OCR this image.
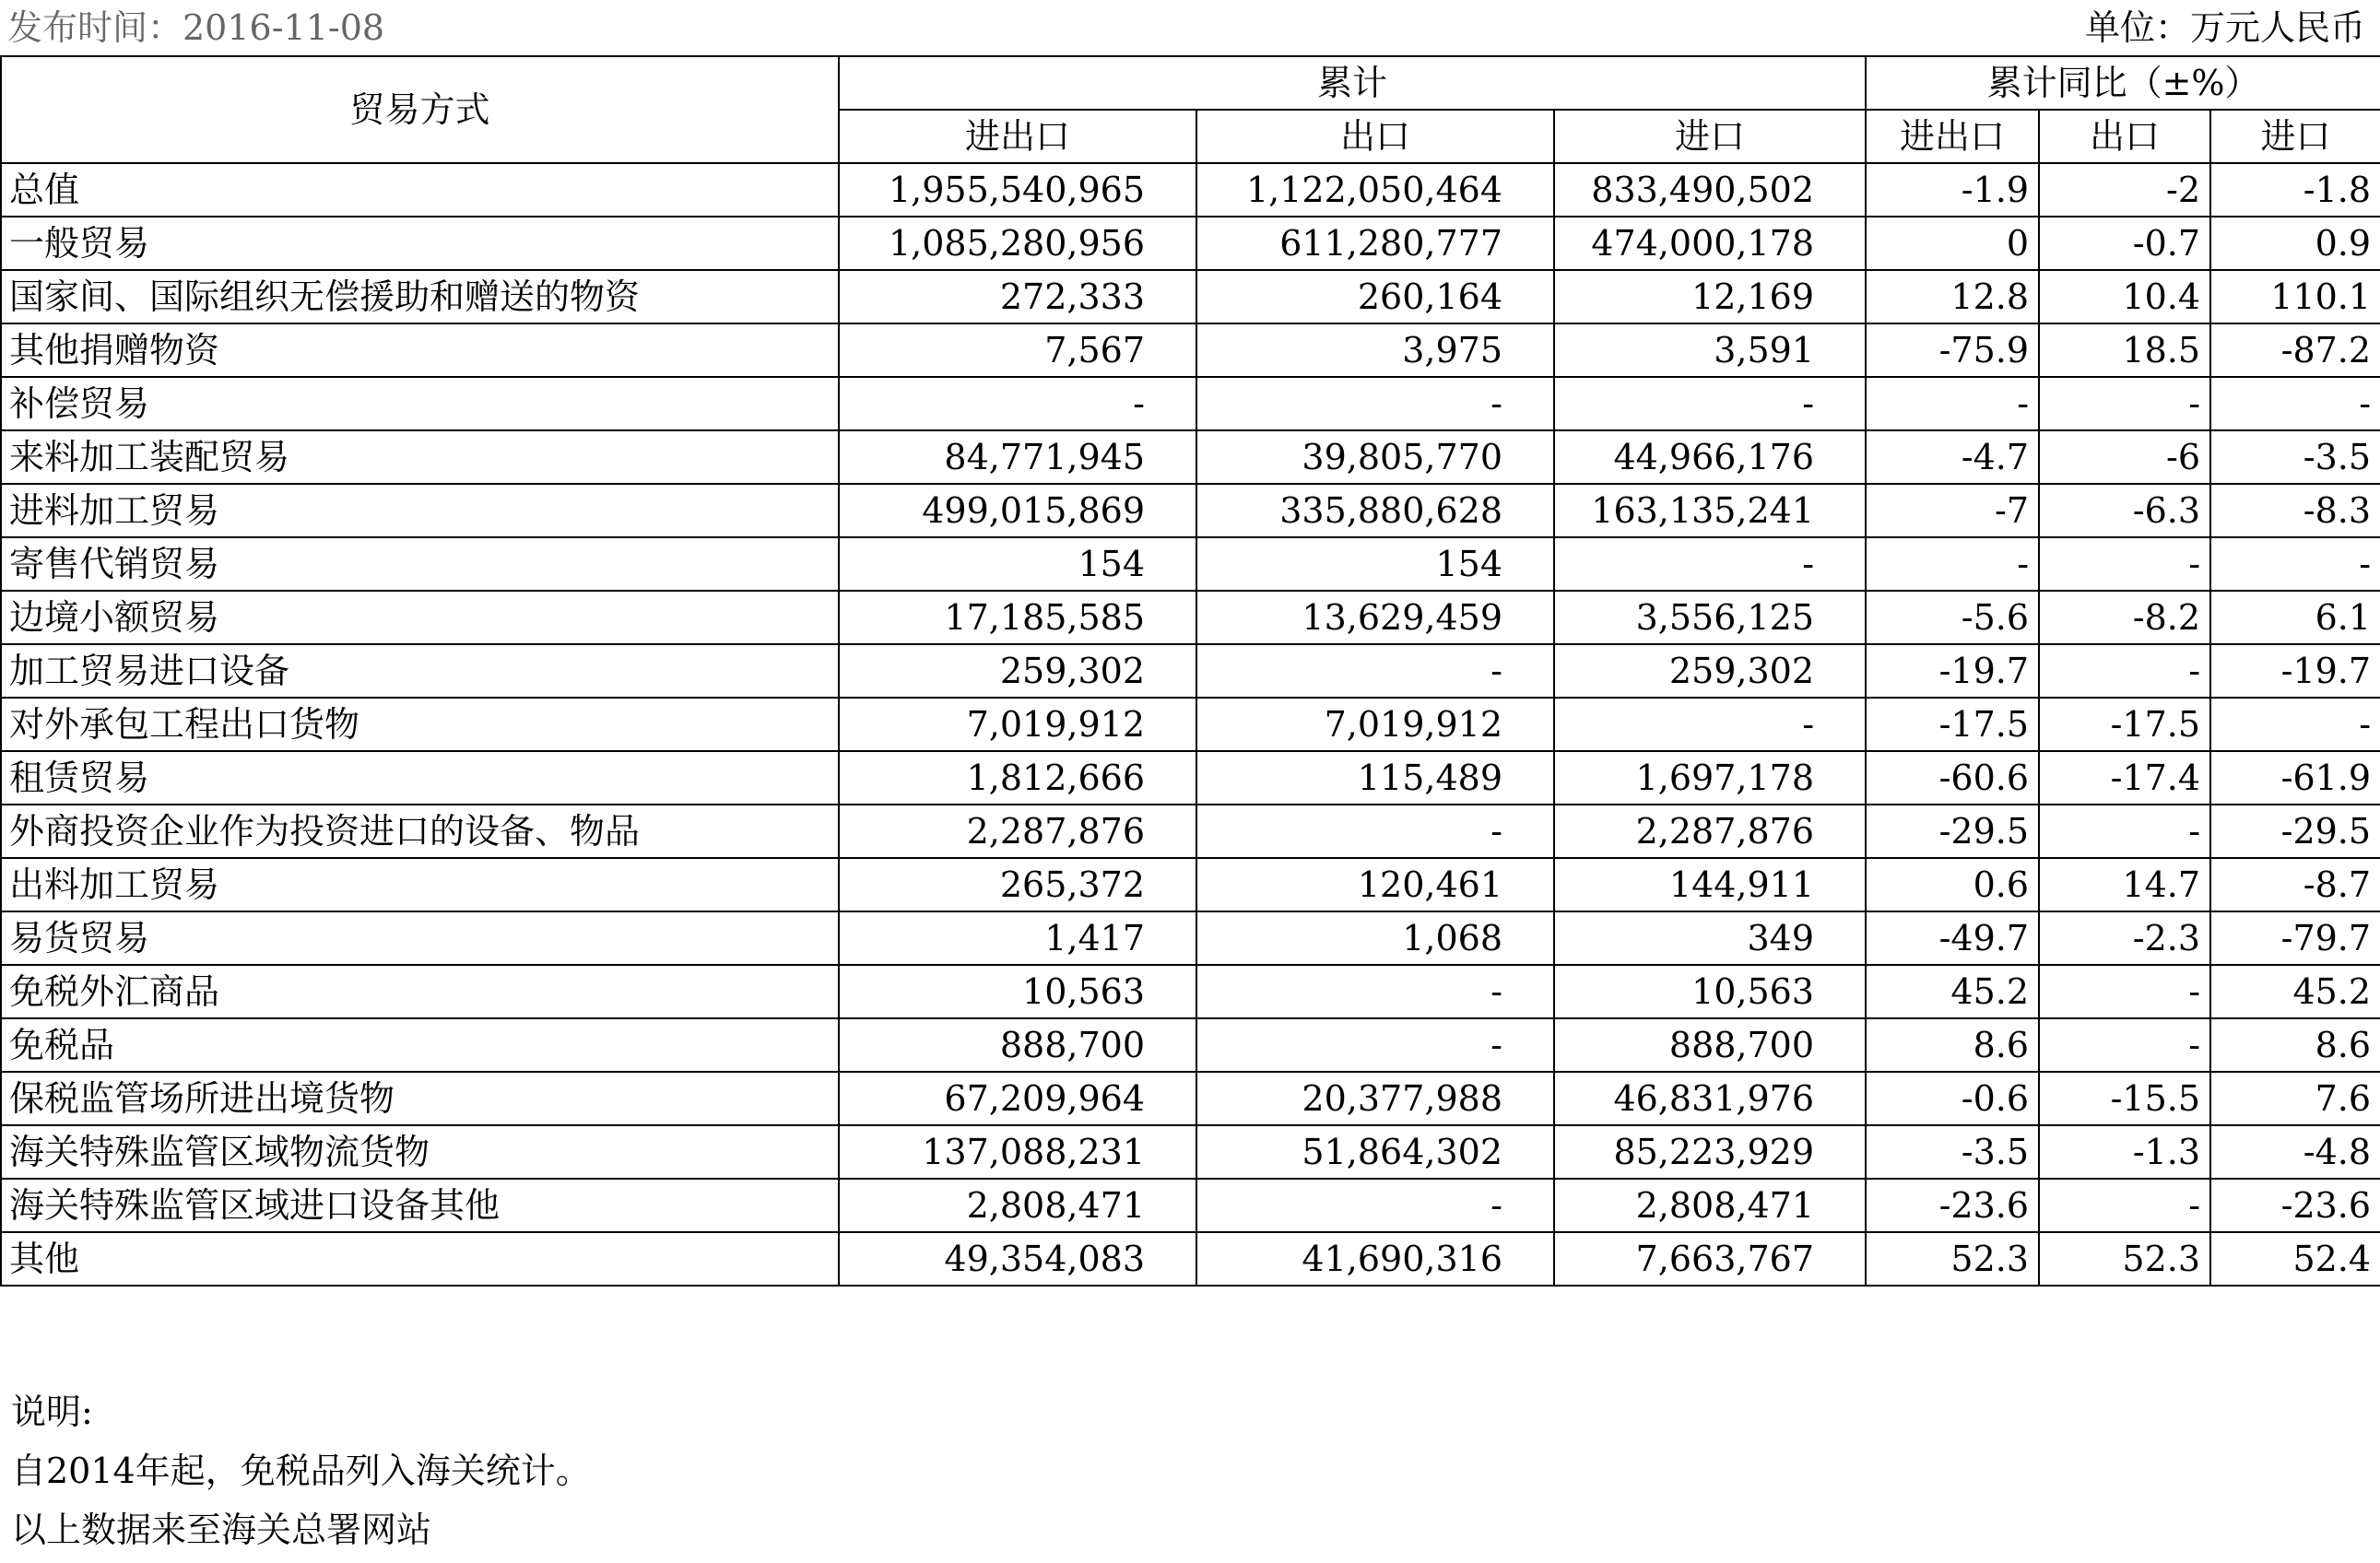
发布时间：2016-11-08	单位：万元人民币
贸易方式	累计			累计同比（±%）		
	进出口	出口	进口	进出口	出口	进口
总值	1,955,540,965	1,122,050,464	833,490,502	-1.9	-2	-1.8
一般贸易	1,085,280,956	611,280,777	474,000,178	0	-0.7	0.9
国家间、国际组织无偿援助和赠送的物资	272,333	260,164	12,169	12.8	10.4	110.1
其他捐赠物资	7,567	3,975	3,591	-75.9	18.5	-87.2
补偿贸易	-	-	-	-	-	-
来料加工装配贸易	84,771,945	39,805,770	44,966,176	-4.7	-6	-3.5
进料加工贸易	499,015,869	335,880,628	163,135,241	-7	-6.3	-8.3
寄售代销贸易	154	154	-	-	-	-
边境小额贸易	17,185,585	13,629,459	3,556,125	-5.6	-8.2	6.1
加工贸易进口设备	259,302	-	259,302	-19.7	-	-19.7
对外承包工程出口货物	7,019,912	7,019,912	-	-17.5	-17.5	-
租赁贸易	1,812,666	115,489	1,697,178	-60.6	-17.4	-61.9
外商投资企业作为投资进口的设备、物品	2,287,876	-	2,287,876	-29.5	-	-29.5
出料加工贸易	265,372	120,461	144,911	0.6	14.7	-8.7
易货贸易	1,417	1,068	349	-49.7	-2.3	-79.7
免税外汇商品	10,563	-	10,563	45.2	-	45.2
免税品	888,700	-	888,700	8.6	-	8.6
保税监管场所进出境货物	67,209,964	20,377,988	46,831,976	-0.6	-15.5	7.6
海关特殊监管区域物流货物	137,088,231	51,864,302	85,223,929	-3.5	-1.3	-4.8
海关特殊监管区域进口设备其他	2,808,471	-	2,808,471	-23.6	-	-23.6
其他	49,354,083	41,690,316	7,663,767	52.3	52.3	52.4
说明:
自2014年起，免税品列入海关统计。
以上数据来至海关总署网站
